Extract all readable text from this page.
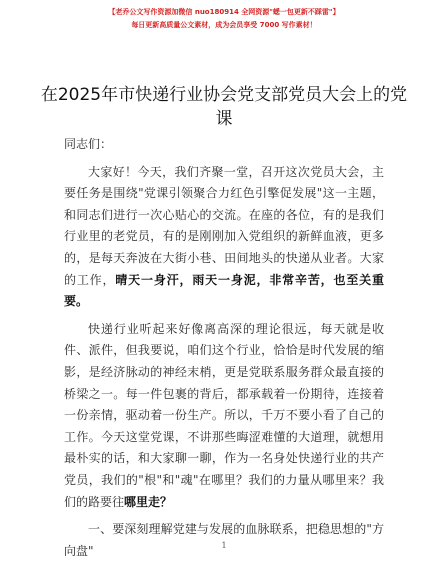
【老乔公文写作资源加微信 nuo180914 全网资源"蟋一包更新不踩雷"】
每日更新高质量公文素材，成为会员享受 7000 写作素材！
在2025年市快递行业协会党支部党员大会上的党课

同志们：

大家好！今天，我们齐聚一堂，召开这次党员大会，主要任务是围绕"党课引领聚合力红色引擎促发展"这一主题，和同志们进行一次心贴心的交流。在座的各位，有的是我们行业里的老党员，有的是刚刚加入党组织的新鲜血液，更多的，是每天奔波在大街小巷、田间地头的快递从业者。大家的工作，晴天一身汗，雨天一身泥，非常辛苦，也至关重要。

快递行业听起来好像离高深的理论很远，每天就是收件、派件，但我要说，咱们这个行业，恰恰是时代发展的缩影，是经济脉动的神经末梢，更是党联系服务群众最直接的桥梁之一。每一件包裹的背后，都承载着一份期待，连接着一份亲情，驱动着一份生产。所以，千万不要小看了自己的工作。今天这堂党课，不讲那些晦涩难懂的大道理，就想用最朴实的话，和大家聊一聊，作为一名身处快递行业的共产党员，我们的"根"和"魂"在哪里？我们的力量从哪里来？我们的路要往哪里走？

一、要深刻理解党建与发展的血脉联系，把稳思想的"方向盘"	1
